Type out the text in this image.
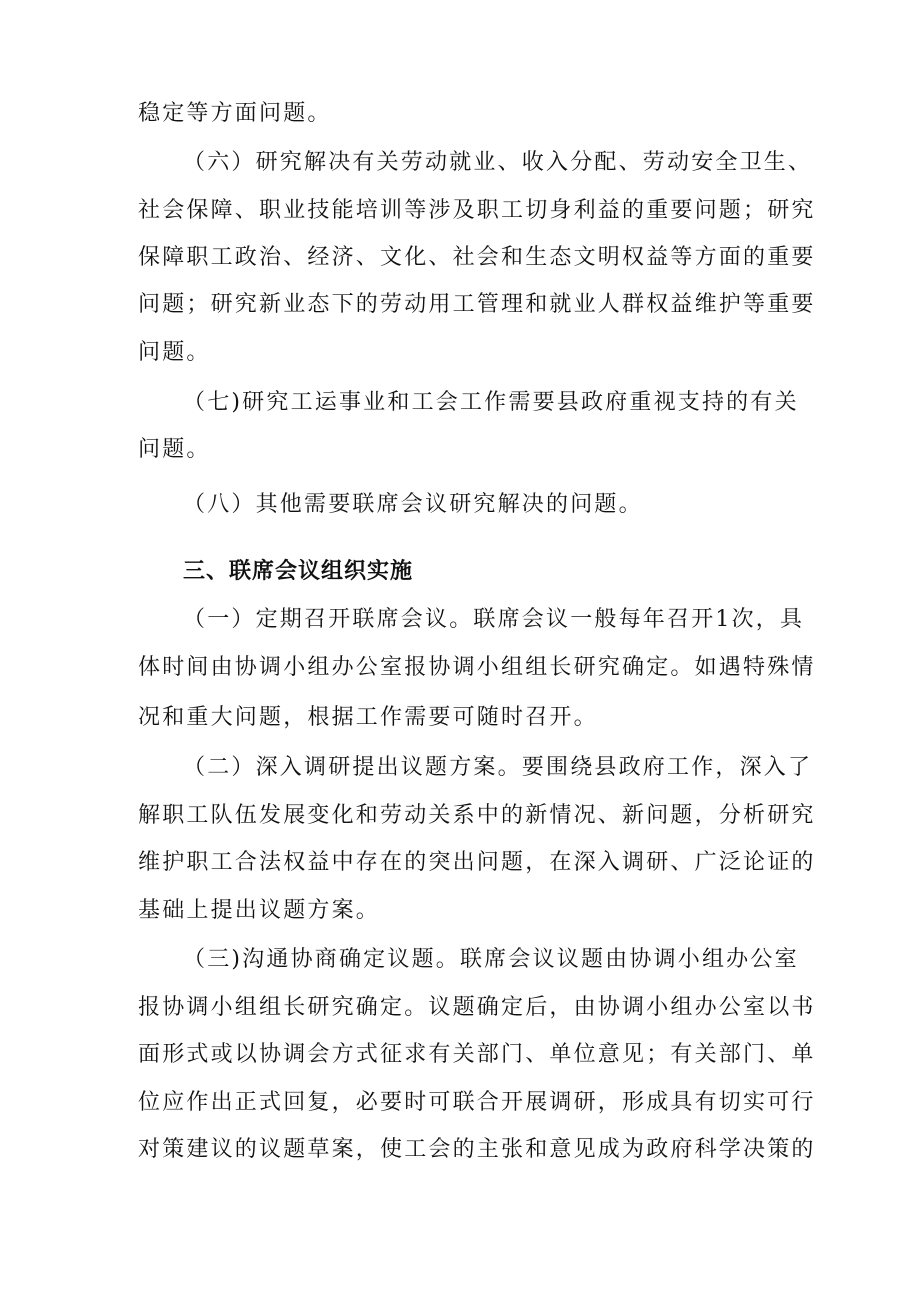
稳定等方面问题。
（六）研究解决有关劳动就业、收入分配、劳动安全卫生、
社会保障、职业技能培训等涉及职工切身利益的重要问题；研究
保障职工政治、经济、文化、社会和生态文明权益等方面的重要
问题；研究新业态下的劳动用工管理和就业人群权益维护等重要
问题。
（七)研究工运事业和工会工作需要县政府重视支持的有关
问题。
（八）其他需要联席会议研究解决的问题。
三、联席会议组织实施
（一）定期召开联席会议。联席会议一般每年召开1次，具
体时间由协调小组办公室报协调小组组长研究确定。如遇特殊情
况和重大问题，根据工作需要可随时召开。
（二）深入调研提出议题方案。要围绕县政府工作，深入了
解职工队伍发展变化和劳动关系中的新情况、新问题，分析研究
维护职工合法权益中存在的突出问题，在深入调研、广泛论证的
基础上提出议题方案。
（三)沟通协商确定议题。联席会议议题由协调小组办公室
报协调小组组长研究确定。议题确定后，由协调小组办公室以书
面形式或以协调会方式征求有关部门、单位意见；有关部门、单
位应作出正式回复，必要时可联合开展调研，形成具有切实可行
对策建议的议题草案，使工会的主张和意见成为政府科学决策的
